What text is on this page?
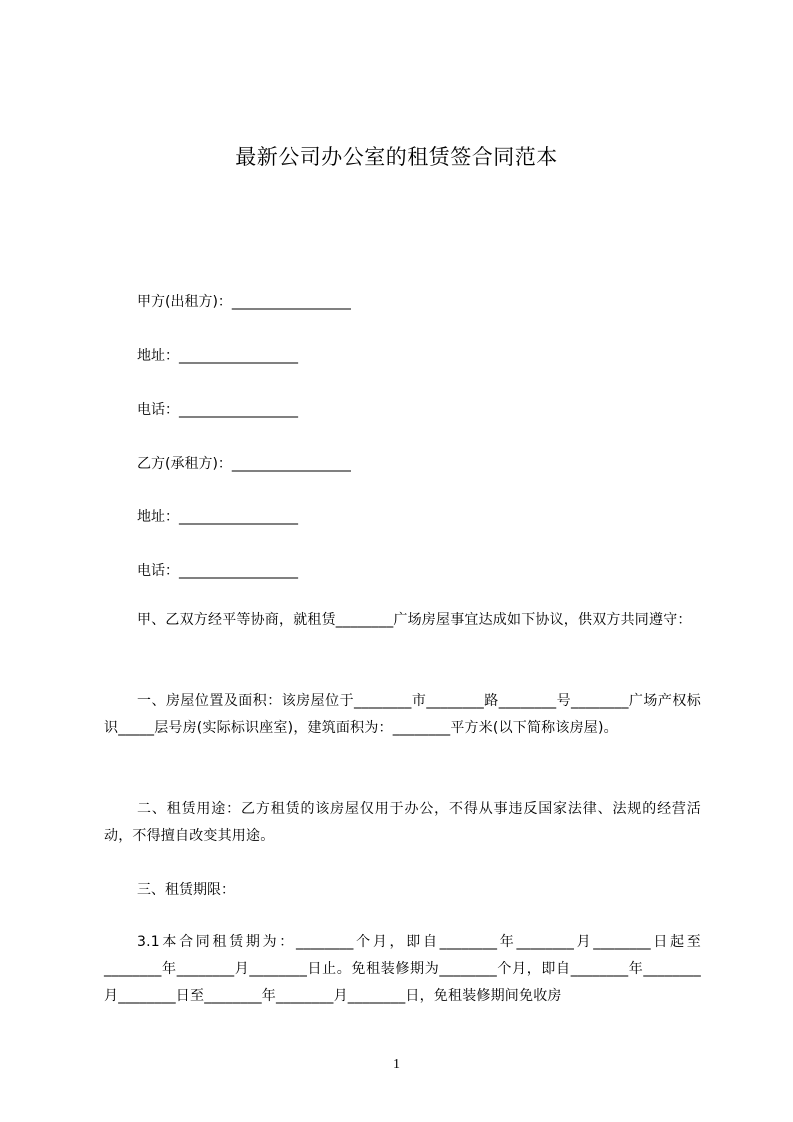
最新公司办公室的租赁签合同范本
甲方(出租方)：_________________
地址：_________________
电话：_________________
乙方(承租方)：_________________
地址：_________________
电话：_________________
甲、乙双方经平等协商，就租赁________广场房屋事宜达成如下协议，供双方共同遵守：
一、房屋位置及面积：该房屋位于________市________路________号________广场产权标识_____层号房(实际标识座室)，建筑面积为：________平方米(以下简称该房屋)。
二、租赁用途：乙方租赁的该房屋仅用于办公，不得从事违反国家法律、法规的经营活动，不得擅自改变其用途。
三、租赁期限：
3.1本合同租赁期为：________个月，即自________年________月________日起至________年________月________日止。免租装修期为________个月，即自________年________月________日至________年________月________日，免租装修期间免收房
1
